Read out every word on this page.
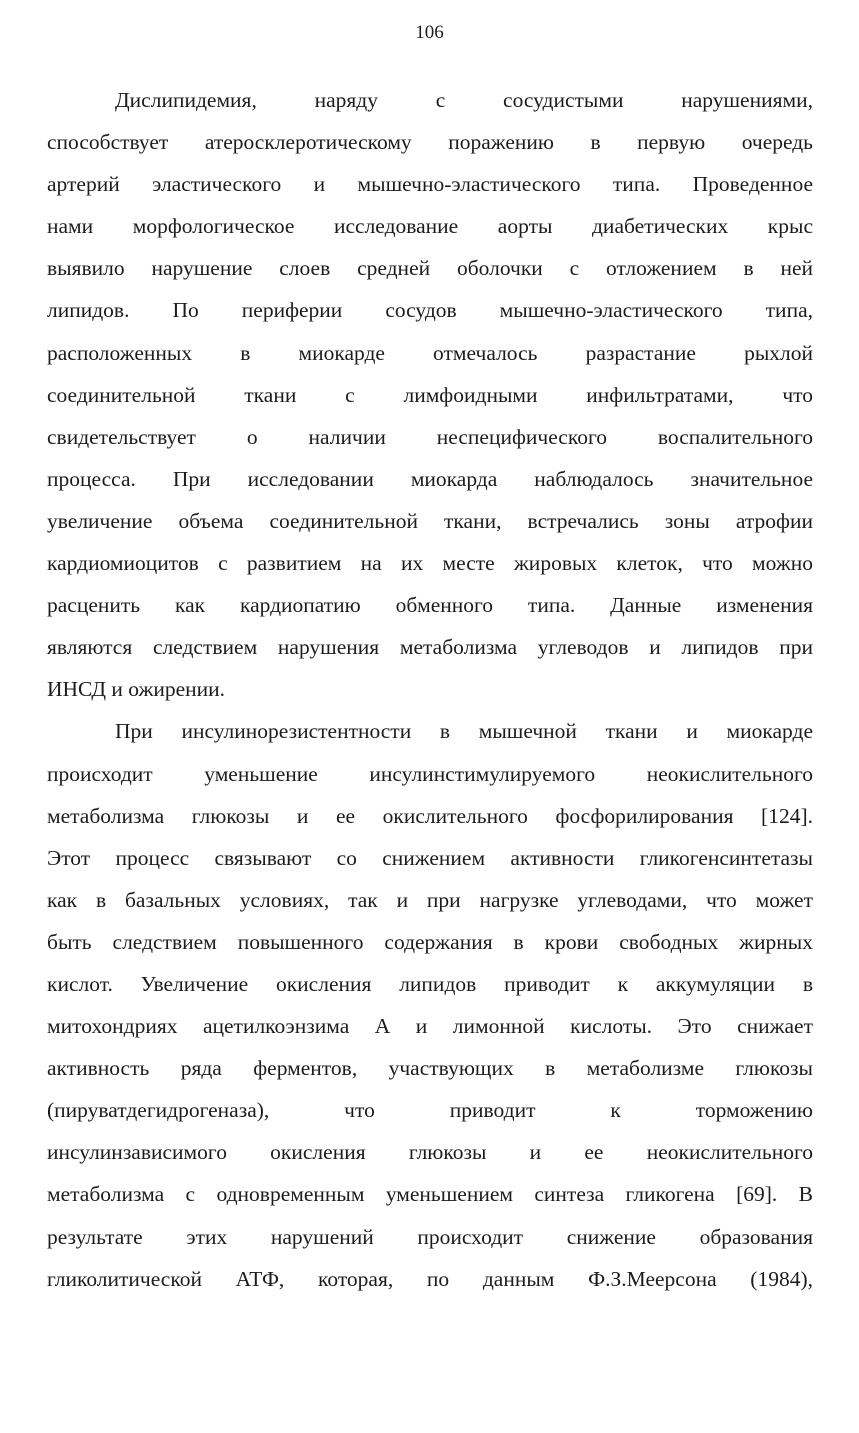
106
Дислипидемия, наряду с сосудистыми нарушениями,
способствует атеросклеротическому поражению в первую очередь
артерий эластического и мышечно-эластического типа. Проведенное
нами морфологическое исследование аорты диабетических крыс
выявило нарушение слоев средней оболочки с отложением в ней
липидов. По периферии сосудов мышечно-эластического типа,
расположенных в миокарде отмечалось разрастание рыхлой
соединительной ткани с лимфоидными инфильтратами, что
свидетельствует о наличии неспецифического воспалительного
процесса. При исследовании миокарда наблюдалось значительное
увеличение объема соединительной ткани, встречались зоны атрофии
кардиомиоцитов с развитием на их месте жировых клеток, что можно
расценить как кардиопатию обменного типа. Данные изменения
являются следствием нарушения метаболизма углеводов и липидов при
ИНСД и ожирении.
При инсулинорезистентности в мышечной ткани и миокарде
происходит уменьшение инсулинстимулируемого неокислительного
метаболизма глюкозы и ее окислительного фосфорилирования [124].
Этот процесс связывают со снижением активности гликогенсинтетазы
как в базальных условиях, так и при нагрузке углеводами, что может
быть следствием повышенного содержания в крови свободных жирных
кислот. Увеличение окисления липидов приводит к аккумуляции в
митохондриях ацетилкоэнзима А и лимонной кислоты. Это снижает
активность ряда ферментов, участвующих в метаболизме глюкозы
(пируватдегидрогеназа), что приводит к торможению
инсулинзависимого окисления глюкозы и ее неокислительного
метаболизма с одновременным уменьшением синтеза гликогена [69]. В
результате этих нарушений происходит снижение образования
гликолитической АТФ, которая, по данным Ф.З.Меерсона (1984),
